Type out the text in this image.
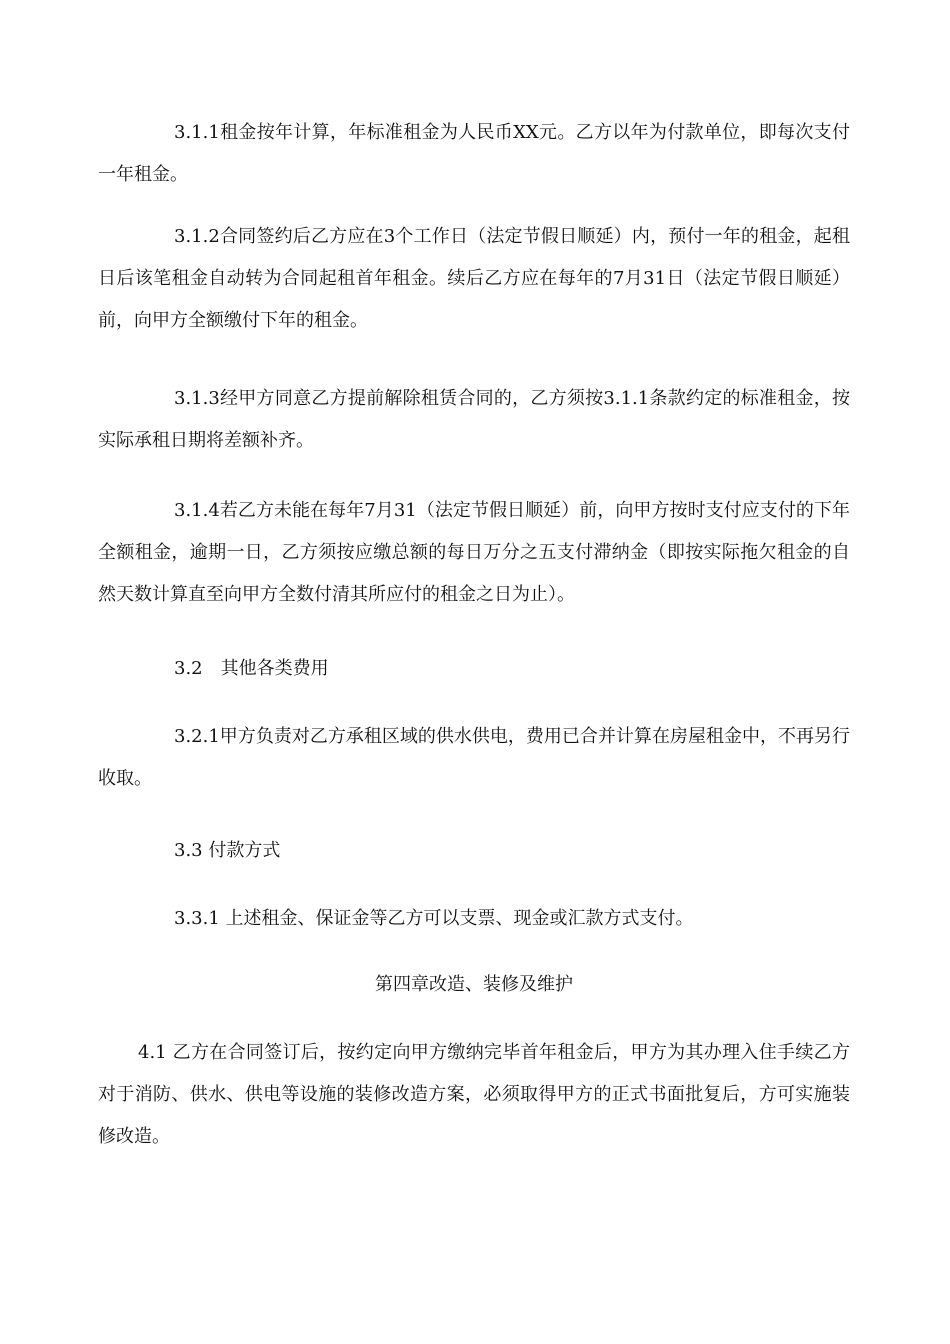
3.1.1租金按年计算，年标准租金为人民币XX元。乙方以年为付款单位，即每次支付一年租金。

3.1.2合同签约后乙方应在3个工作日（法定节假日顺延）内，预付一年的租金，起租日后该笔租金自动转为合同起租首年租金。续后乙方应在每年的7月31日（法定节假日顺延）前，向甲方全额缴付下年的租金。

3.1.3经甲方同意乙方提前解除租赁合同的，乙方须按3.1.1条款约定的标准租金，按实际承租日期将差额补齐。

3.1.4若乙方未能在每年7月31（法定节假日顺延）前，向甲方按时支付应支付的下年全额租金，逾期一日，乙方须按应缴总额的每日万分之五支付滞纳金（即按实际拖欠租金的自然天数计算直至向甲方全数付清其所应付的租金之日为止）。

3.2　其他各类费用

3.2.1甲方负责对乙方承租区域的供水供电，费用已合并计算在房屋租金中，不再另行收取。

3.3 付款方式

3.3.1 上述租金、保证金等乙方可以支票、现金或汇款方式支付。

第四章改造、装修及维护

4.1 乙方在合同签订后，按约定向甲方缴纳完毕首年租金后，甲方为其办理入住手续乙方对于消防、供水、供电等设施的装修改造方案，必须取得甲方的正式书面批复后，方可实施装修改造。
